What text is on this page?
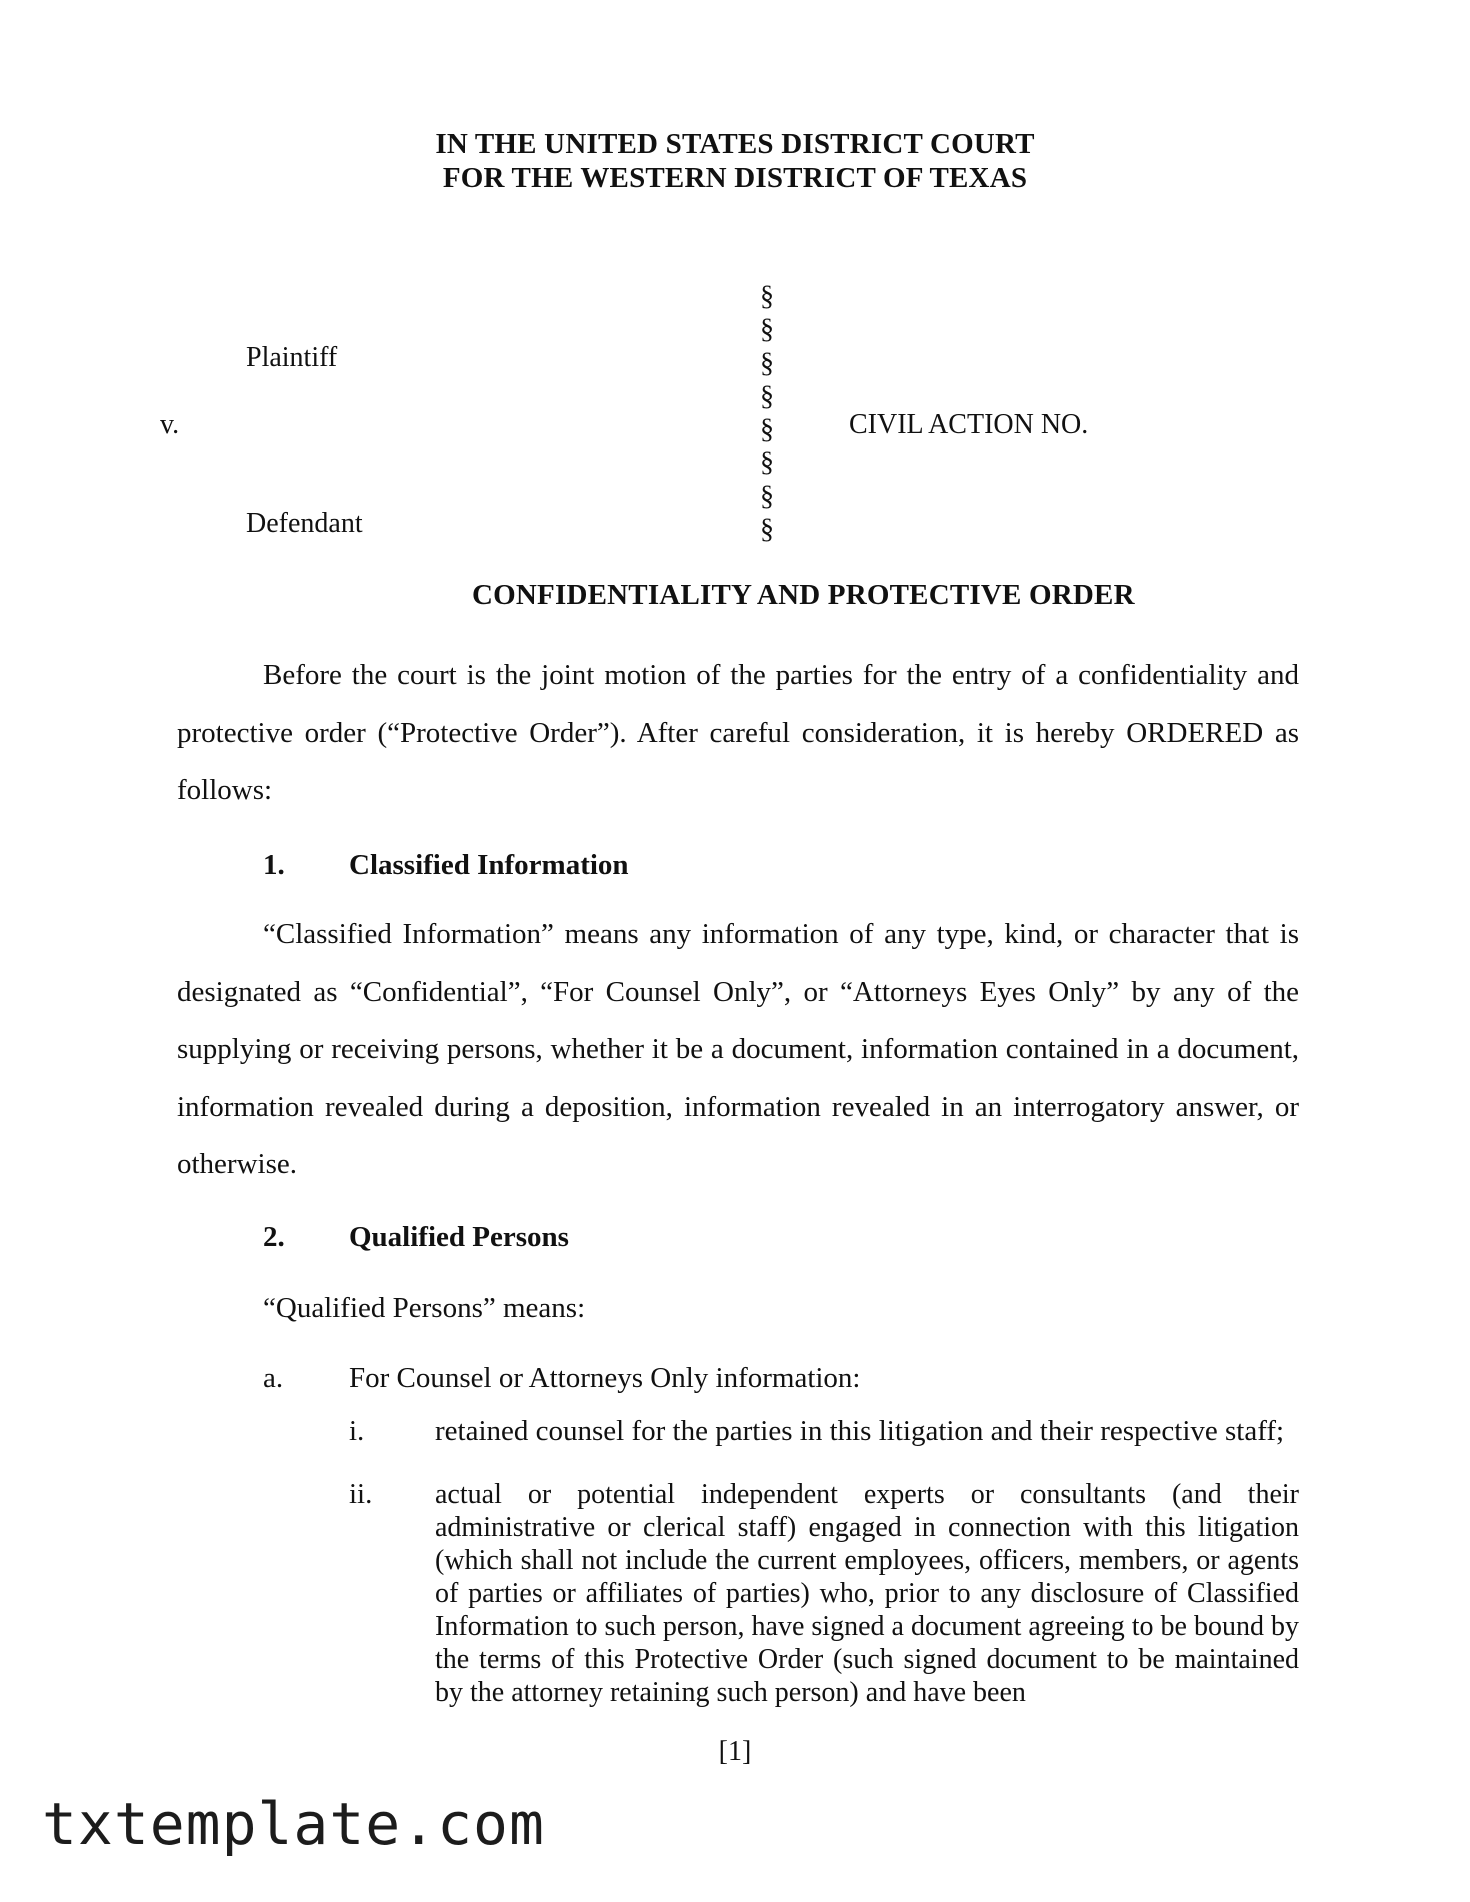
IN THE UNITED STATES DISTRICT COURT
FOR THE WESTERN DISTRICT OF TEXAS
Plaintiff
v.
Defendant
CIVIL ACTION NO.
§
§
§
§
§
§
§
§
CONFIDENTIALITY AND PROTECTIVE ORDER

Before the court is the joint motion of the parties for the entry of a confidentiality and protective order (“Protective Order”). After careful consideration, it is hereby ORDERED as follows:

1. Classified Information

“Classified Information” means any information of any type, kind, or character that is designated as “Confidential”, “For Counsel Only”, or “Attorneys Eyes Only” by any of the supplying or receiving persons, whether it be a document, information contained in a document, information revealed during a deposition, information revealed in an interrogatory answer, or otherwise.

2. Qualified Persons
“Qualified Persons” means:
a. For Counsel or Attorneys Only information:
i. retained counsel for the parties in this litigation and their respective staff;
ii. actual or potential independent experts or consultants (and their administrative or clerical staff) engaged in connection with this litigation (which shall not include the current employees, officers, members, or agents of parties or affiliates of parties) who, prior to any disclosure of Classified Information to such person, have signed a document agreeing to be bound by the terms of this Protective Order (such signed document to be maintained by the attorney retaining such person) and have been

[1]
txtemplate.com
